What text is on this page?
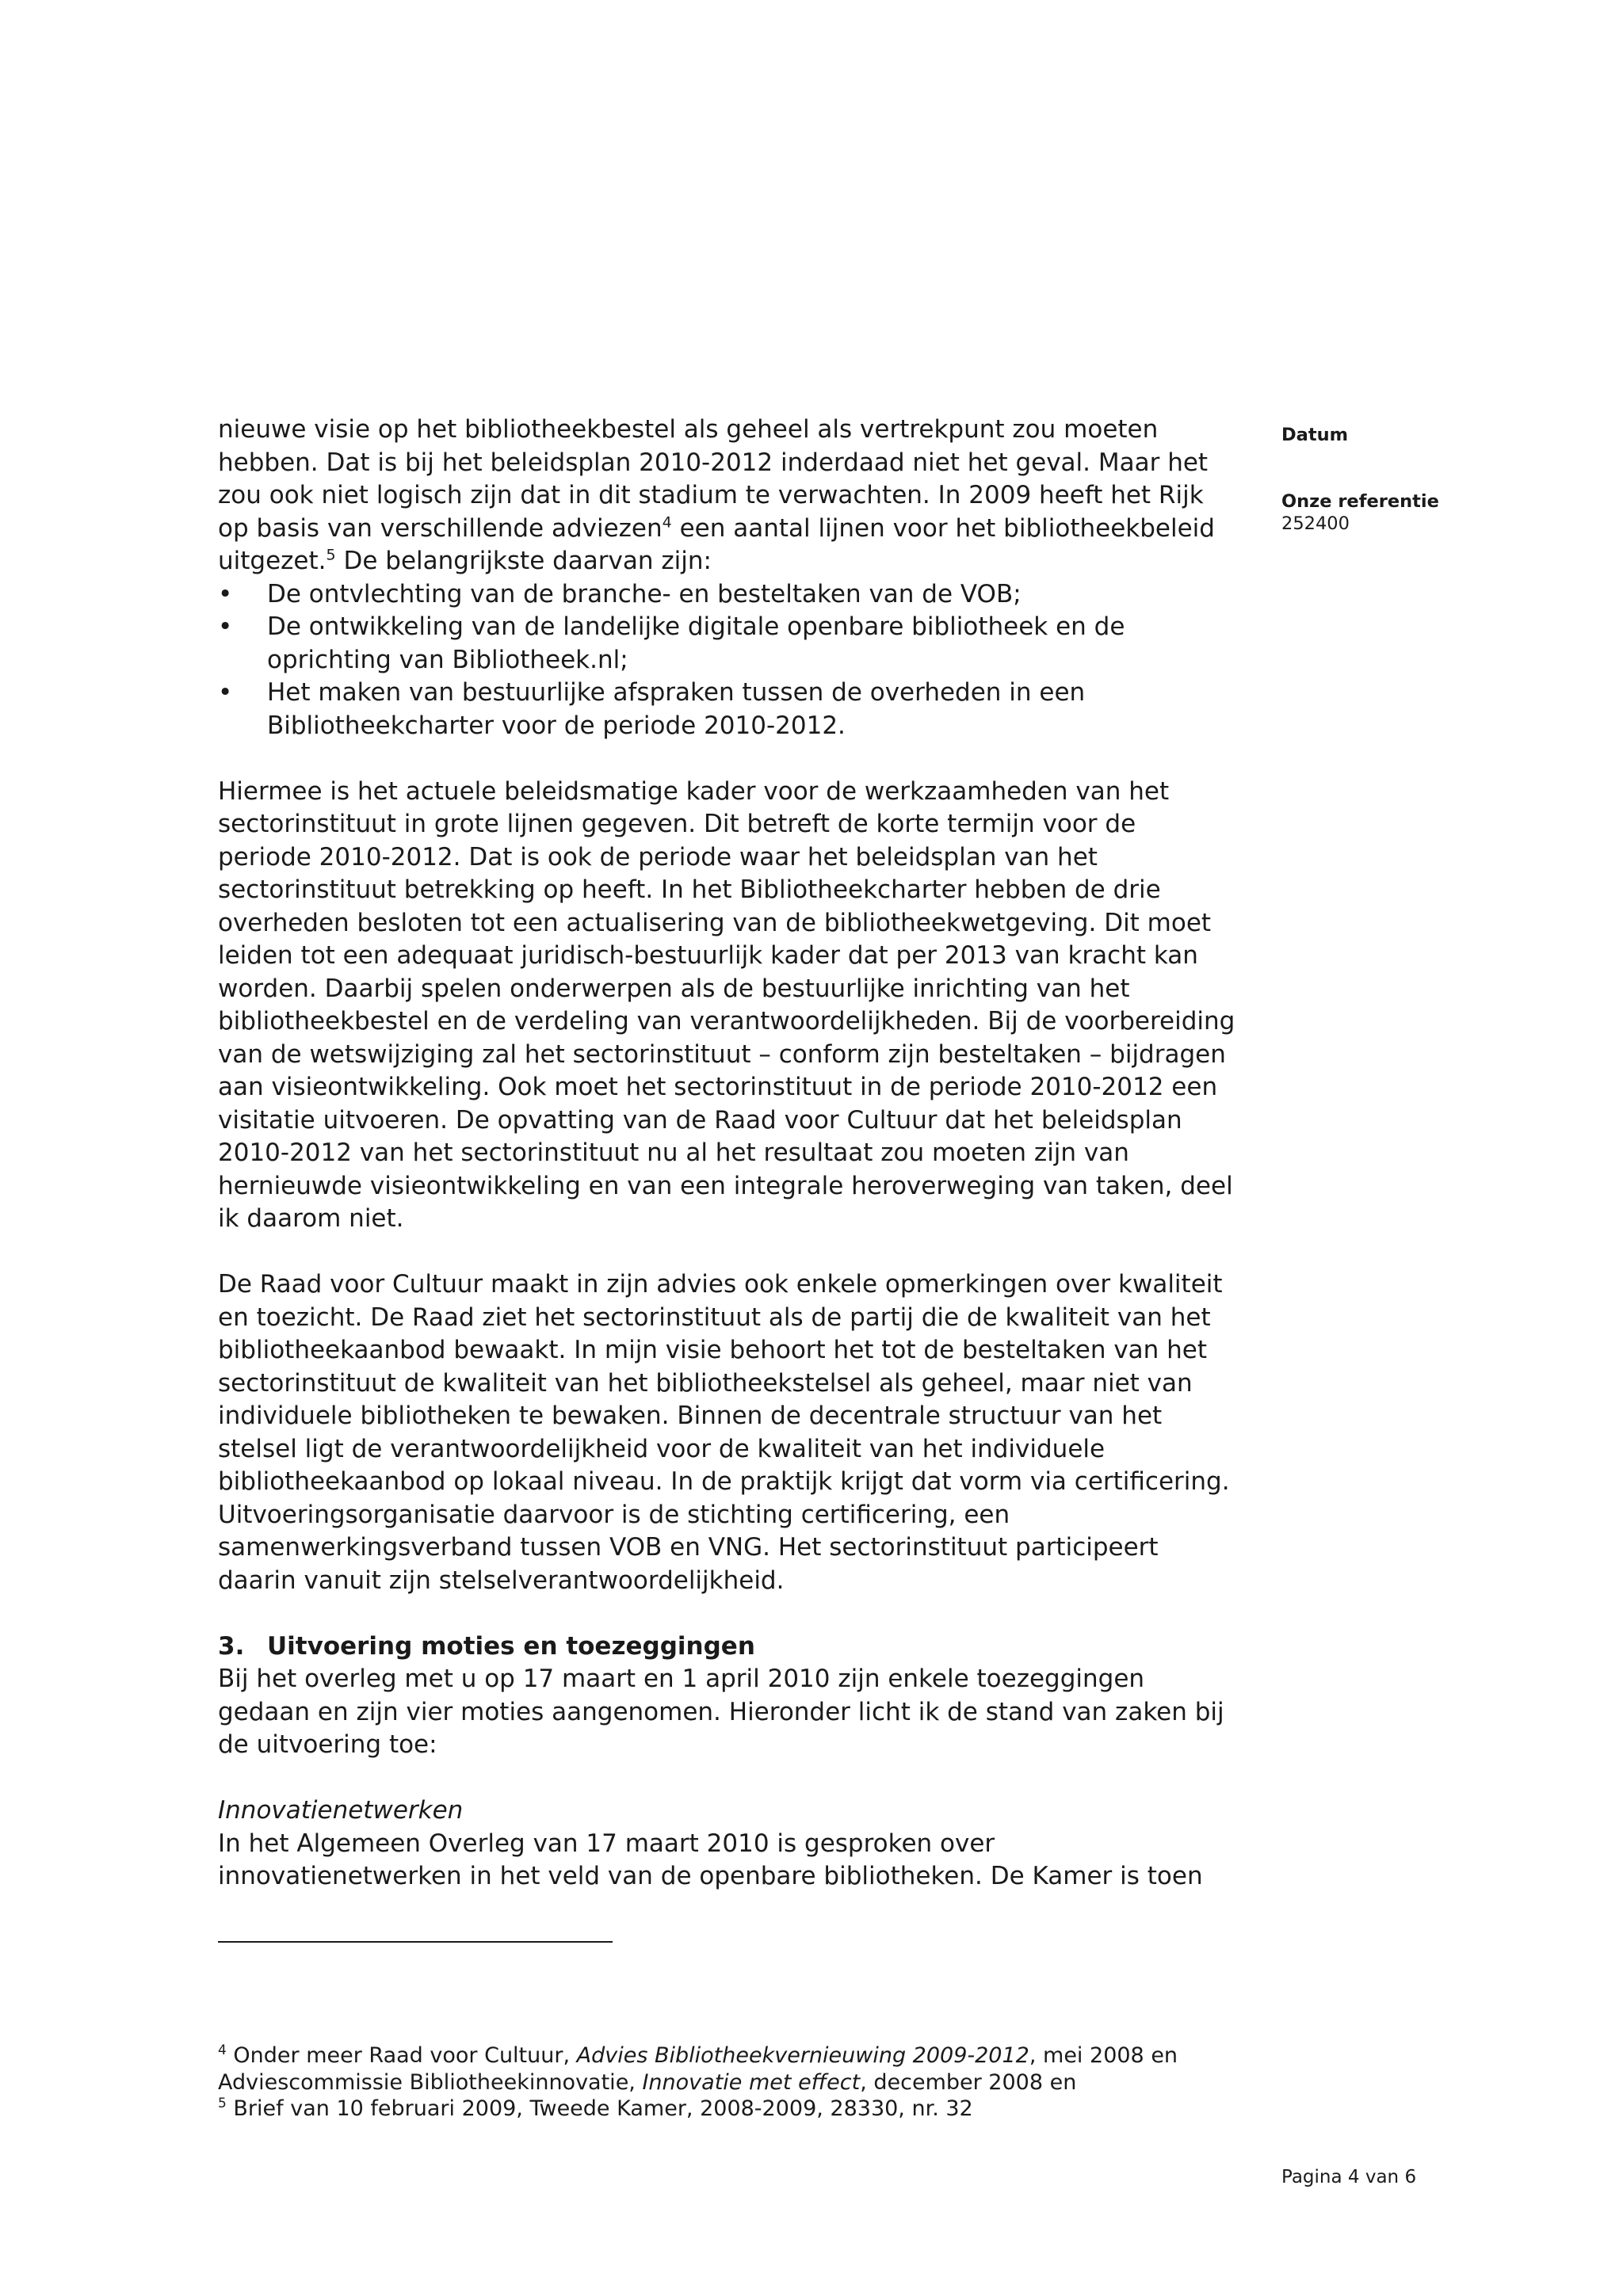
nieuwe visie op het bibliotheekbestel als geheel als vertrekpunt zou moeten

hebben. Dat is bij het beleidsplan 2010-2012 inderdaad niet het geval. Maar het

zou ook niet logisch zijn dat in dit stadium te verwachten. In 2009 heeft het Rijk

op basis van verschillende adviezen$^4$ een aantal lijnen voor het bibliotheekbeleid

uitgezet.$^5$ De belangrijkste daarvan zijn:

• De ontvlechting van de branche- en besteltaken van de VOB;
• De ontwikkeling van de landelijke digitale openbare bibliotheek en de oprichting van Bibliotheek.nl;
• Het maken van bestuurlijke afspraken tussen de overheden in een Bibliotheekcharter voor de periode 2010-2012.

Hiermee is het actuele beleidsmatige kader voor de werkzaamheden van het

sectorinstituut in grote lijnen gegeven. Dit betreft de korte termijn voor de

periode 2010-2012. Dat is ook de periode waar het beleidsplan van het

sectorinstituut betrekking op heeft. In het Bibliotheekcharter hebben de drie

overheden besloten tot een actualisering van de bibliotheekwetgeving. Dit moet

leiden tot een adequaat juridisch-bestuurlijk kader dat per 2013 van kracht kan

worden. Daarbij spelen onderwerpen als de bestuurlijke inrichting van het

bibliotheekbestel en de verdeling van verantwoordelijkheden. Bij de voorbereiding

van de wetswijziging zal het sectorinstituut – conform zijn besteltaken – bijdragen

aan visieontwikkeling. Ook moet het sectorinstituut in de periode 2010-2012 een

visitatie uitvoeren. De opvatting van de Raad voor Cultuur dat het beleidsplan

2010-2012 van het sectorinstituut nu al het resultaat zou moeten zijn van

hernieuwde visieontwikkeling en van een integrale heroverweging van taken, deel

ik daarom niet.

De Raad voor Cultuur maakt in zijn advies ook enkele opmerkingen over kwaliteit

en toezicht. De Raad ziet het sectorinstituut als de partij die de kwaliteit van het

bibliotheekaanbod bewaakt. In mijn visie behoort het tot de besteltaken van het

sectorinstituut de kwaliteit van het bibliotheekstelsel als geheel, maar niet van

individuele bibliotheken te bewaken. Binnen de decentrale structuur van het

stelsel ligt de verantwoordelijkheid voor de kwaliteit van het individuele

bibliotheekaanbod op lokaal niveau. In de praktijk krijgt dat vorm via certificering.

Uitvoeringsorganisatie daarvoor is de stichting certificering, een

samenwerkingsverband tussen VOB en VNG. Het sectorinstituut participeert

daarin vanuit zijn stelselverantwoordelijkheid.

3. Uitvoering moties en toezeggingen

Bij het overleg met u op 17 maart en 1 april 2010 zijn enkele toezeggingen

gedaan en zijn vier moties aangenomen. Hieronder licht ik de stand van zaken bij

de uitvoering toe:

Innovatienetwerken

In het Algemeen Overleg van 17 maart 2010 is gesproken over

innovatienetwerken in het veld van de openbare bibliotheken. De Kamer is toen

Datum
Onze referentie
252400

$^4$ Onder meer Raad voor Cultuur, Advies Bibliotheekvernieuwing 2009-2012, mei 2008 en

Adviescommissie Bibliotheekinnovatie, Innovatie met effect, december 2008 en

$^5$ Brief van 10 februari 2009, Tweede Kamer, 2008-2009, 28330, nr. 32

Pagina 4 van 6
